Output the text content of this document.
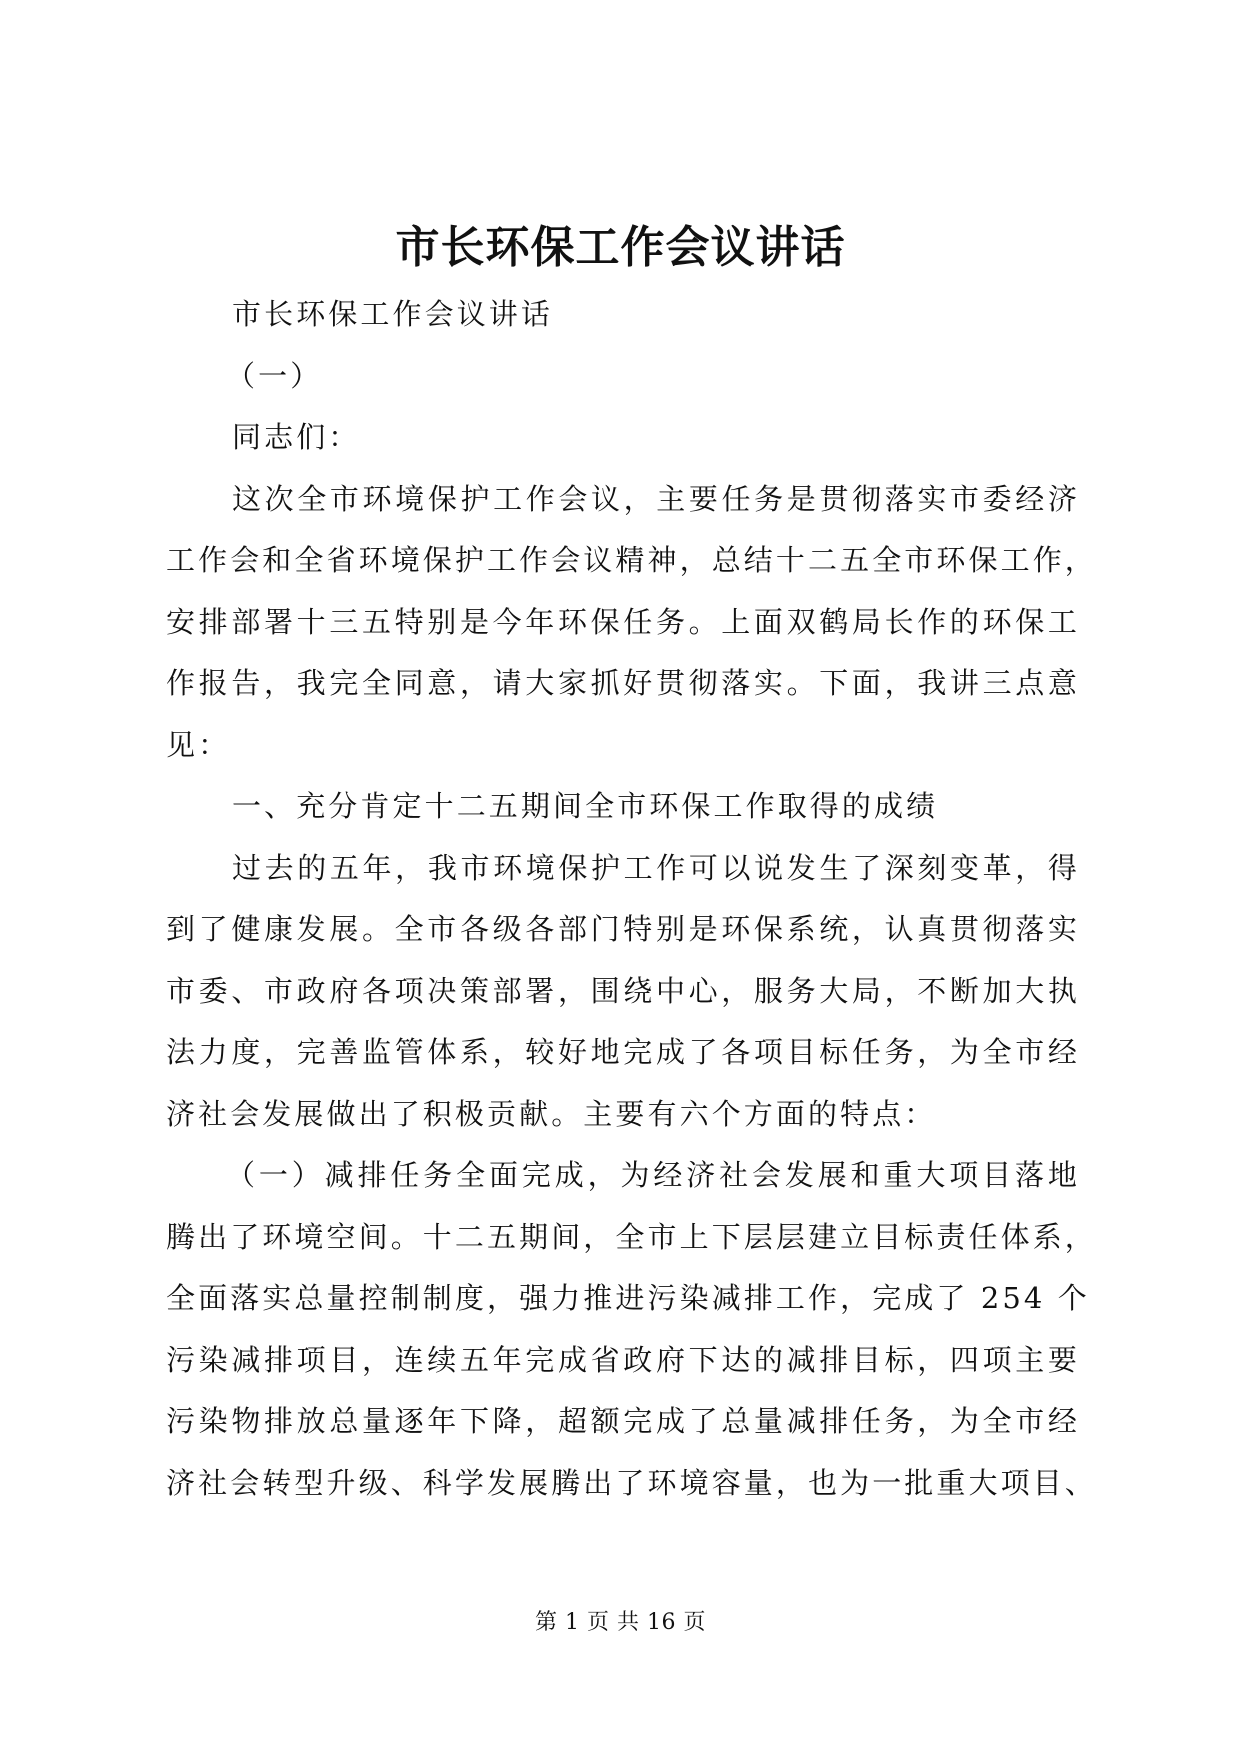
市长环保工作会议讲话
市长环保工作会议讲话
（一）
同志们：
这次全市环境保护工作会议，主要任务是贯彻落实市委经济
工作会和全省环境保护工作会议精神，总结十二五全市环保工作，
安排部署十三五特别是今年环保任务。上面双鹤局长作的环保工
作报告，我完全同意，请大家抓好贯彻落实。下面，我讲三点意
见：
一、充分肯定十二五期间全市环保工作取得的成绩
过去的五年，我市环境保护工作可以说发生了深刻变革，得
到了健康发展。全市各级各部门特别是环保系统，认真贯彻落实
市委、市政府各项决策部署，围绕中心，服务大局，不断加大执
法力度，完善监管体系，较好地完成了各项目标任务，为全市经
济社会发展做出了积极贡献。主要有六个方面的特点：
（一）减排任务全面完成，为经济社会发展和重大项目落地
腾出了环境空间。十二五期间，全市上下层层建立目标责任体系，
全面落实总量控制制度，强力推进污染减排工作，完成了 254 个
污染减排项目，连续五年完成省政府下达的减排目标，四项主要
污染物排放总量逐年下降，超额完成了总量减排任务，为全市经
济社会转型升级、科学发展腾出了环境容量，也为一批重大项目、
第 1 页 共 16 页
